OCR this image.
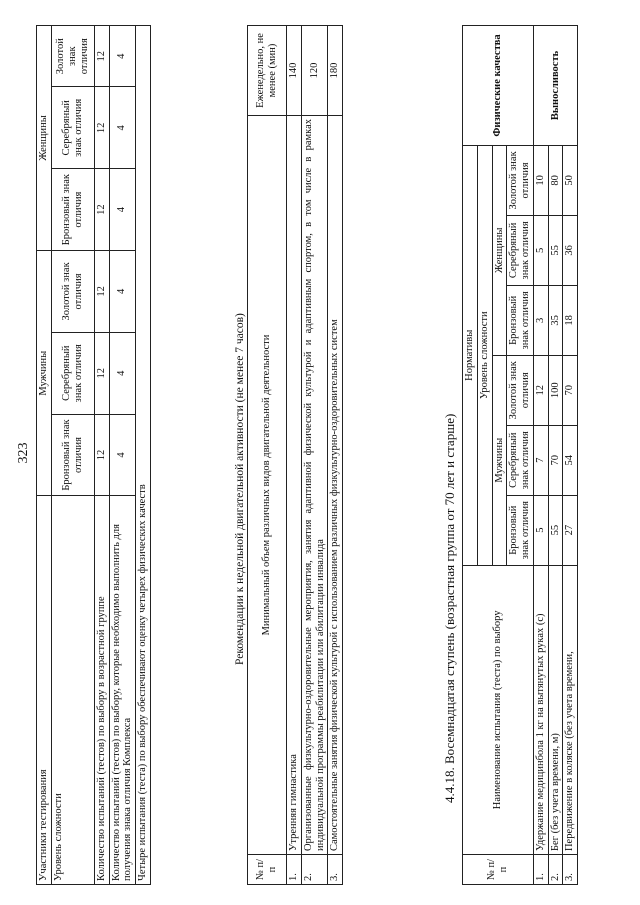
323
Участники тестирования	Мужчины			Женщины		

Уровень сложности	Бронзовый знак отличия	Серебряный знак отличия	Золотой знак отличия	Бронзовый знак отличия	Серебряный знак отличия	Золотой знак отличия
Количество испытаний (тестов) по выбору в возрастной группе	12	12	12	12	12	12
Количество испытаний (тестов) по выбору, которые необходимо выполнить для получения знака отличия Комплекса	4	4	4	4	4	4
Четыре испытания (теста) по выбору обеспечивают оценку четырех физических качеств							Рекомендации к недельной двигательной активности (не менее 7 часов)
№ п/п	Минимальный объем различных видов двигательной деятельности	Еженедельно, не менее (мин)
1.	Утренняя гимнастика	140
2.	Организованные физкультурно-оздоровительные мероприятия, занятия адаптивной физической культурой и адаптивным спортом, в том числе в рамках индивидуальной программы реабилитации или абилитации инвалида	120
3.	Самостоятельные занятия физической культурой с использованием различных физкультурно-оздоровительных систем	180
4.4.18. Восемнадцатая ступень (возрастная группа от 70 лет и старше)
№ п/п	Наименование испытания (теста) по выбору	Нормативы						Физические качества
		Уровень сложности						
		Мужчины			Женщины			
		Бронзовый знак отличия	Серебряный знак отличия	Золотой знак отличия	Бронзовый знак отличия	Серебряный знак отличия	Золотой знак отличия	
1.	Удержание медицинбола 1 кг на вытянутых руках (с)	5	7	12	3	5	10	Выносливость
2.	Бег (без учета времени, м)	55	70	100	35	55	80	
3.	Передвижение в коляске (без учета времени,	27	54	70	18	36	50	
